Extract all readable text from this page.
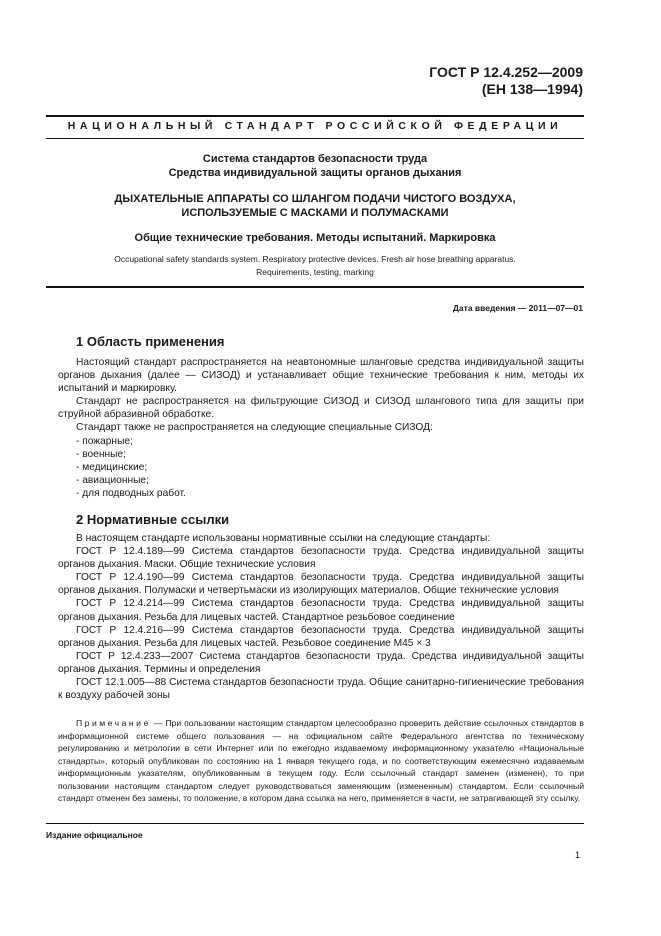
ГОСТ Р 12.4.252—2009
(ЕН 138—1994)
НАЦИОНАЛЬНЫЙ СТАНДАРТ РОССИЙСКОЙ ФЕДЕРАЦИИ
Система стандартов безопасности труда
Средства индивидуальной защиты органов дыхания
ДЫХАТЕЛЬНЫЕ АППАРАТЫ СО ШЛАНГОМ ПОДАЧИ ЧИСТОГО ВОЗДУХА,
ИСПОЛЬЗУЕМЫЕ С МАСКАМИ И ПОЛУМАСКАМИ
Общие технические требования. Методы испытаний. Маркировка
Occupational safety standards system. Respiratory protective devices. Fresh air hose breathing apparatus.
Requirements, testing, marking
Дата введения — 2011—07—01
1 Область применения

Настоящий стандарт распространяется на неавтономные шланговые средства индивидуальной защиты органов дыхания (далее — СИЗОД) и устанавливает общие технические требования к ним, методы их испытаний и маркировку.

Стандарт не распространяется на фильтрующие СИЗОД и СИЗОД шлангового типа для защиты при струйной абразивной обработке.

Стандарт также не распространяется на следующие специальные СИЗОД:

- пожарные;

- военные;

- медицинские;

- авиационные;

- для подводных работ.

2 Нормативные ссылки

В настоящем стандарте использованы нормативные ссылки на следующие стандарты:

ГОСТ Р 12.4.189—99 Система стандартов безопасности труда. Средства индивидуальной защиты органов дыхания. Маски. Общие технические условия

ГОСТ Р 12.4.190—99 Система стандартов безопасности труда. Средства индивидуальной защиты органов дыхания. Полумаски и четвертьмаски из изолирующих материалов. Общие технические условия

ГОСТ Р 12.4.214—99 Система стандартов безопасности труда. Средства индивидуальной защиты органов дыхания. Резьба для лицевых частей. Стандартное резьбовое соединение

ГОСТ Р 12.4.216—99 Система стандартов безопасности труда. Средства индивидуальной защиты органов дыхания. Резьба для лицевых частей. Резьбовое соединение М45 × 3

ГОСТ Р 12.4.233—2007 Система стандартов безопасности труда. Средства индивидуальной защиты органов дыхания. Термины и определения

ГОСТ 12.1.005—88 Система стандартов безопасности труда. Общие санитарно-гигиенические требования к воздуху рабочей зоны

Примечание — При пользовании настоящим стандартом целесообразно проверить действие ссылочных стандартов в информационной системе общего пользования — на официальном сайте Федерального агентства по техническому регулированию и метрологии в сети Интернет или по ежегодно издаваемому информационному указателю «Национальные стандарты», который опубликован по состоянию на 1 января текущего года, и по соответствующим ежемесячно издаваемым информационным указателям, опубликованным в текущем году. Если ссылочный стандарт заменен (изменен), то при пользовании настоящим стандартом следует руководствоваться заменяющим (измененным) стандартом. Если ссылочный стандарт отменен без замены, то положение, в котором дана ссылка на него, применяется в части, не затрагивающей эту ссылку.
Издание официальное
1
